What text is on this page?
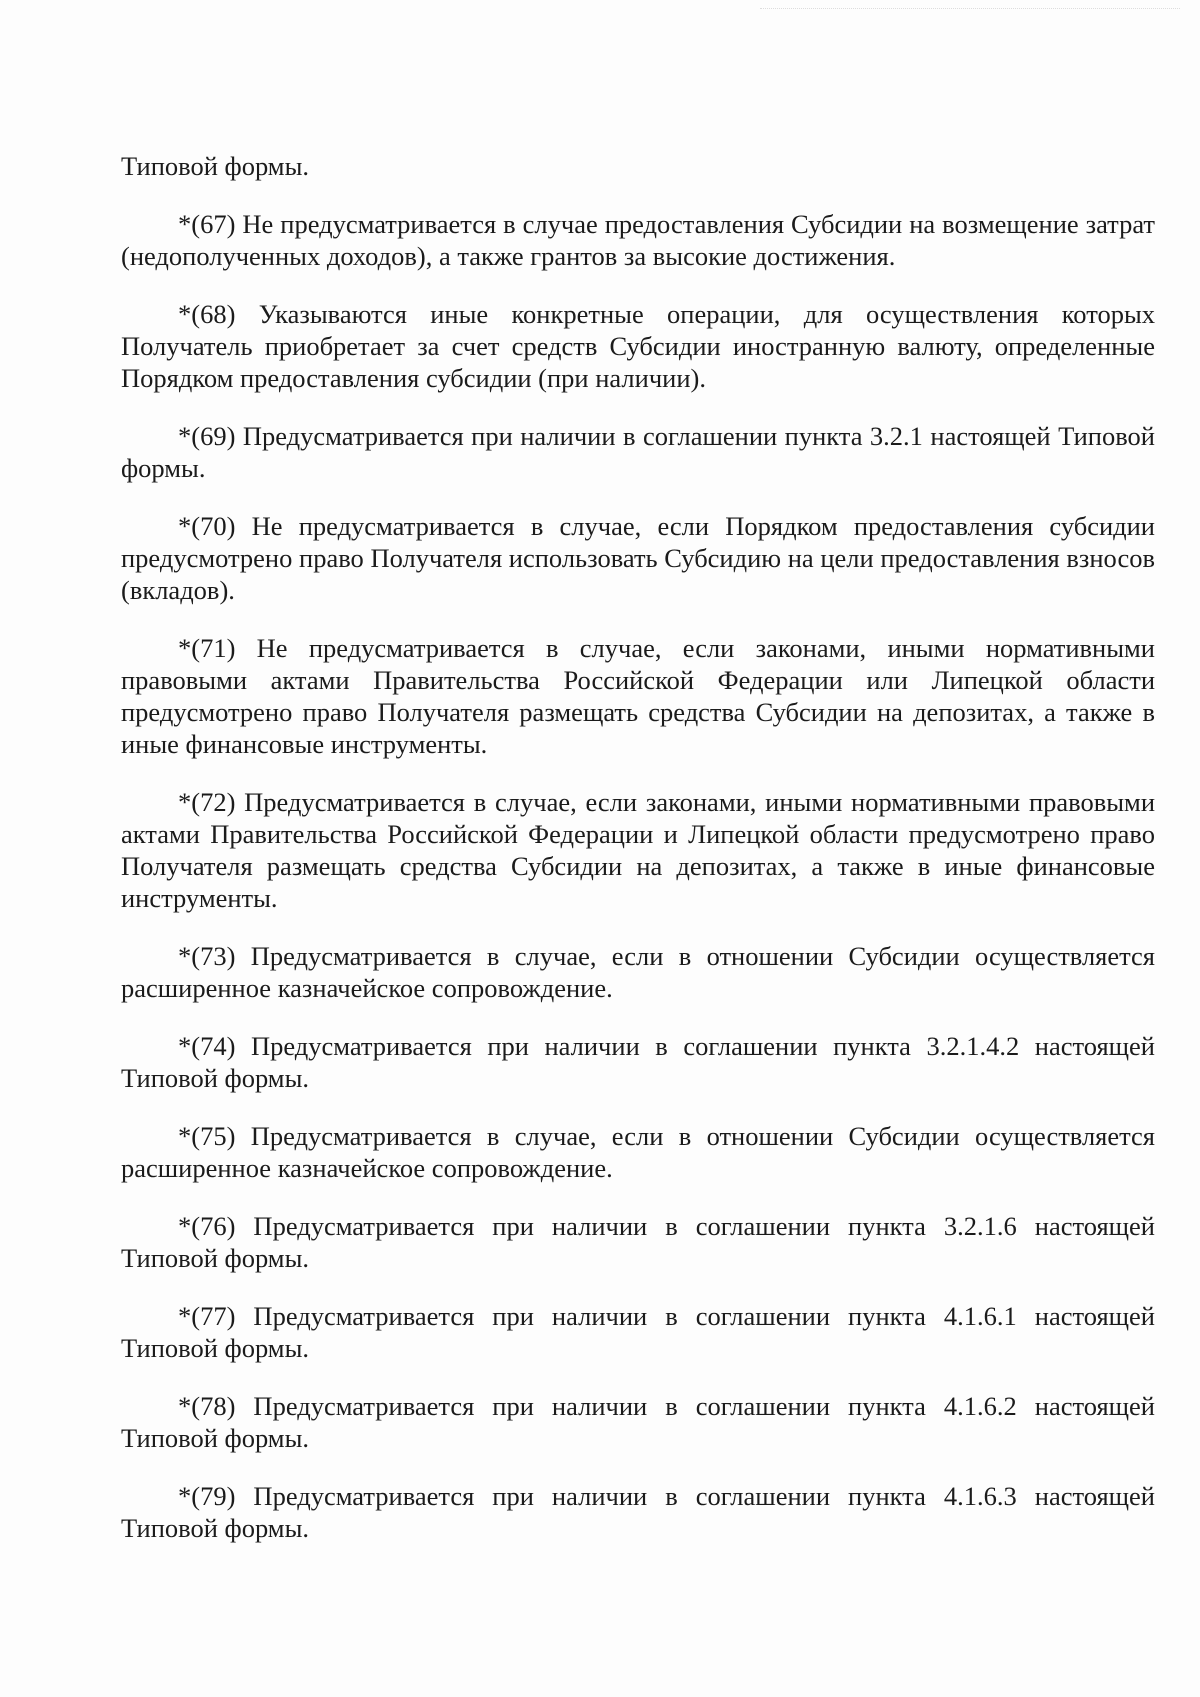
Типовой формы.

*(67) Не предусматривается в случае предоставления Субсидии на возмещение затрат (недополученных доходов), а также грантов за высокие достижения.

*(68) Указываются иные конкретные операции, для осуществления которых Получатель приобретает за счет средств Субсидии иностранную валюту, определенные Порядком предоставления субсидии (при наличии).

*(69) Предусматривается при наличии в соглашении пункта 3.2.1 настоящей Типовой формы.

*(70) Не предусматривается в случае, если Порядком предоставления субсидии предусмотрено право Получателя использовать Субсидию на цели предоставления взносов (вкладов).

*(71) Не предусматривается в случае, если законами, иными нормативными правовыми актами Правительства Российской Федерации или Липецкой области предусмотрено право Получателя размещать средства Субсидии на депозитах, а также в иные финансовые инструменты.

*(72) Предусматривается в случае, если законами, иными нормативными правовыми актами Правительства Российской Федерации и Липецкой области предусмотрено право Получателя размещать средства Субсидии на депозитах, а также в иные финансовые инструменты.

*(73) Предусматривается в случае, если в отношении Субсидии осуществляется расширенное казначейское сопровождение.

*(74) Предусматривается при наличии в соглашении пункта 3.2.1.4.2 настоящей Типовой формы.

*(75) Предусматривается в случае, если в отношении Субсидии осуществляется расширенное казначейское сопровождение.

*(76) Предусматривается при наличии в соглашении пункта 3.2.1.6 настоящей Типовой формы.

*(77) Предусматривается при наличии в соглашении пункта 4.1.6.1 настоящей Типовой формы.

*(78) Предусматривается при наличии в соглашении пункта 4.1.6.2 настоящей Типовой формы.

*(79) Предусматривается при наличии в соглашении пункта 4.1.6.3 настоящей Типовой формы.
